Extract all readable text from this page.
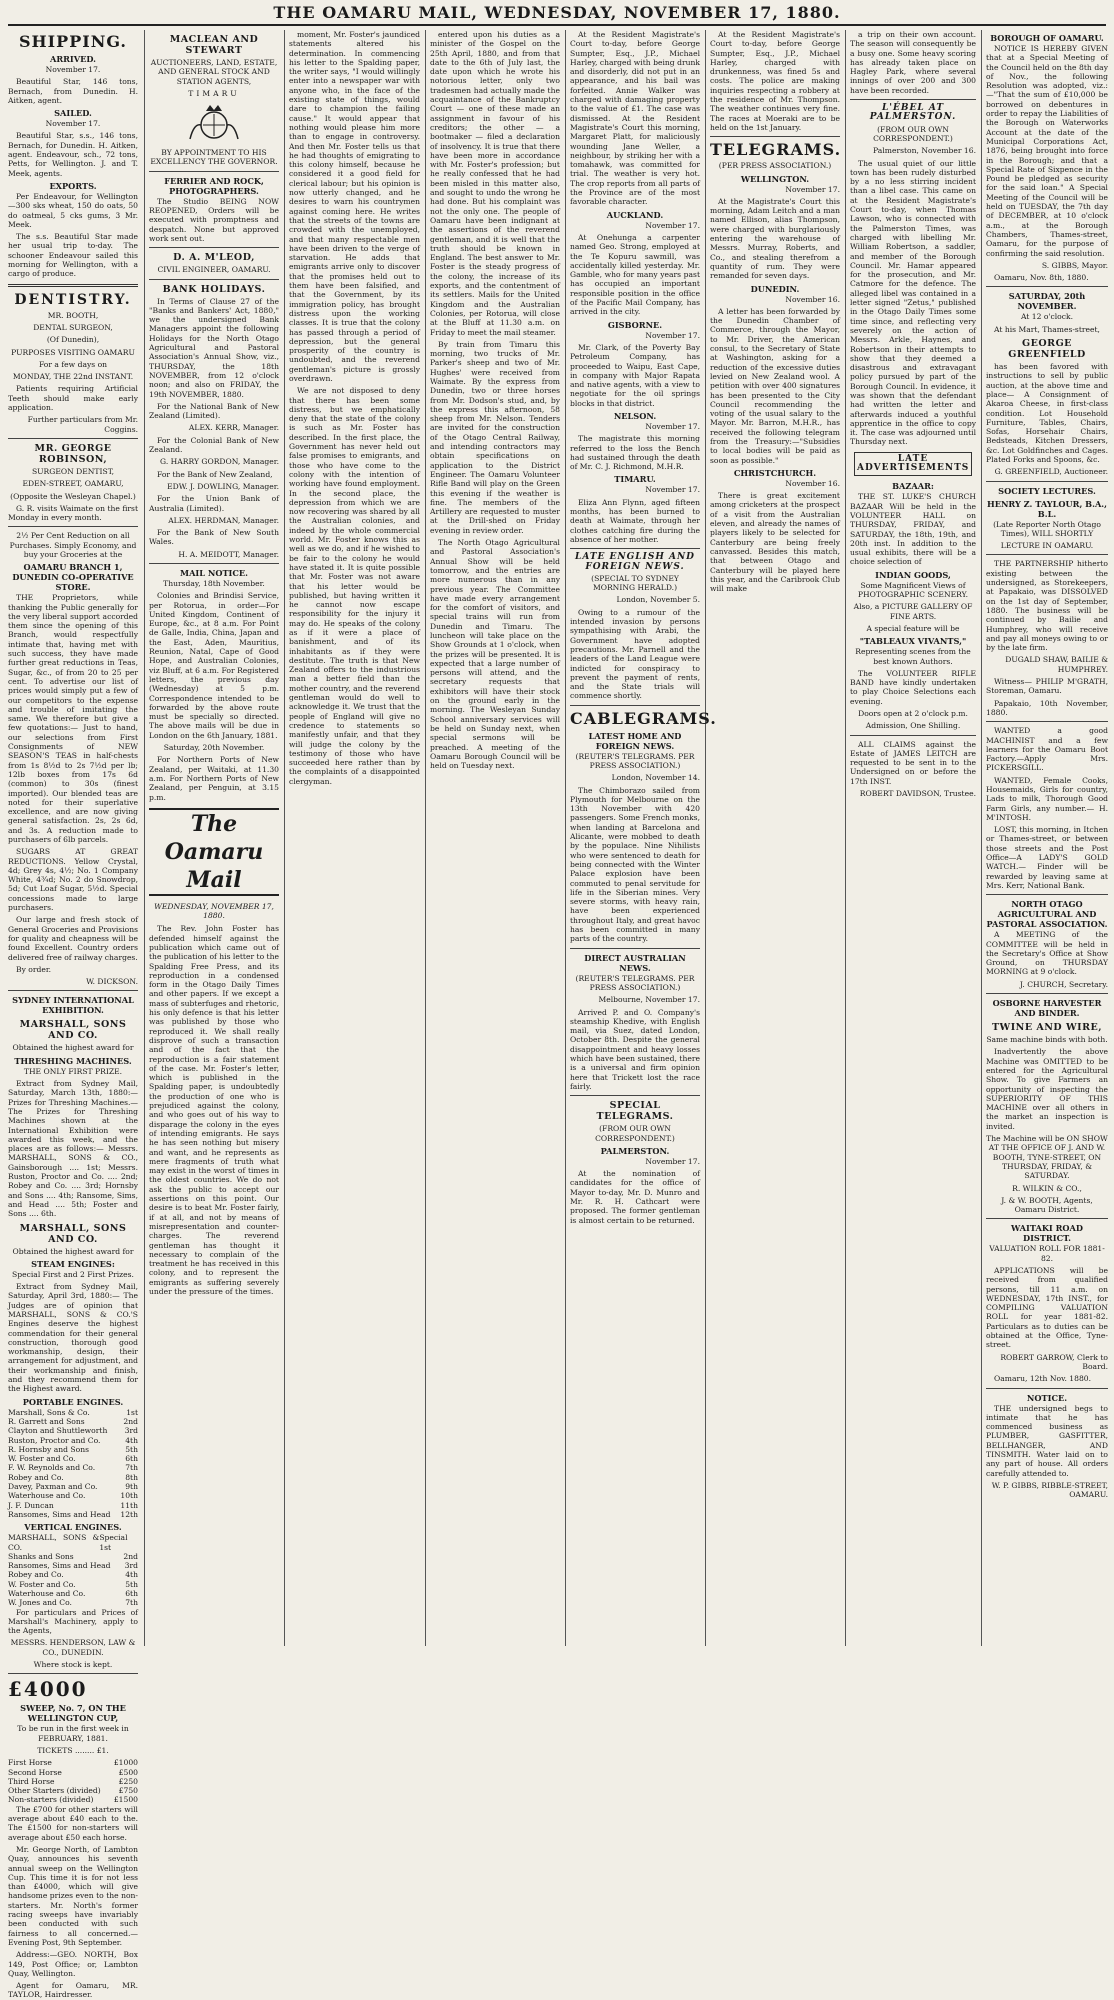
THE OAMARU MAIL, WEDNESDAY, NOVEMBER 17, 1880.
SHIPPING.
ARRIVED.

November 17.

Beautiful Star, 146 tons, Bernach, from Dunedin. H. Aitken, agent.

SAILED.

November 17.

Beautiful Star, s.s., 146 tons, Bernach, for Dunedin. H. Aitken, agent. Endeavour, sch., 72 tons, Petts, for Wellington. J. and T. Meek, agents.

EXPORTS.

Per Endeavour, for Wellington—300 sks wheat, 150 do oats, 50 do oatmeal, 5 cks gums, 3 Mr. Meek.

The s.s. Beautiful Star made her usual trip to-day. The schooner Endeavour sailed this morning for Wellington, with a cargo of produce.

DENTISTRY.

MR. BOOTH,

DENTAL SURGEON,

(Of Dunedin),

PURPOSES VISITING OAMARU

For a few days on

MONDAY, THE 22nd INSTANT.

Patients requiring Artificial Teeth should make early application.

Further particulars from Mr. Coggins.

MR. GEORGE ROBINSON,

SURGEON DENTIST,

EDEN-STREET, OAMARU,

(Opposite the Wesleyan Chapel.)

G. R. visits Waimate on the first Monday in every month.

2½ Per Cent Reduction on all Purchases. Simply Economy, and buy your Groceries at the

OAMARU BRANCH 1, DUNEDIN CO-OPERATIVE STORE.

THE Proprietors, while thanking the Public generally for the very liberal support accorded them since the opening of this Branch, would respectfully intimate that, having met with such success, they have made further great reductions in Teas, Sugar, &c., of from 20 to 25 per cent. To advertise our list of prices would simply put a few of our competitors to the expense and trouble of imitating the same. We therefore but give a few quotations:— Just to hand, our selections from First Consignments of NEW SEASON'S TEAS in half-chests from 1s 8½d to 2s 7½d per lb; 12lb boxes from 17s 6d (common) to 30s (finest imported). Our blended teas are noted for their superlative excellence, and are now giving general satisfaction. 2s, 2s 6d, and 3s. A reduction made to purchasers of 6lb parcels.

SUGARS AT GREAT REDUCTIONS. Yellow Crystal, 4d; Grey 4s, 4½; No. 1 Company White, 4¾d; No. 2 do Snowdrop, 5d; Cut Loaf Sugar, 5½d. Special concessions made to large purchasers.

Our large and fresh stock of General Groceries and Provisions for quality and cheapness will be found Excellent. Country orders delivered free of railway charges.

By order.

W. DICKSON.

SYDNEY INTERNATIONAL EXHIBITION.
MARSHALL, SONS AND CO.

Obtained the highest award for

THRESHING MACHINES.

THE ONLY FIRST PRIZE.

Extract from Sydney Mail, Saturday, March 13th, 1880:— Prizes for Threshing Machines.—The Prizes for Threshing Machines shown at the International Exhibition were awarded this week, and the places are as follows:— Messrs. MARSHALL, SONS & CO., Gainsborough .... 1st; Messrs. Ruston, Proctor and Co. .... 2nd; Robey and Co. .... 3rd; Hornsby and Sons .... 4th; Ransome, Sims, and Head .... 5th; Foster and Sons .... 6th.

MARSHALL, SONS AND CO.

Obtained the highest award for

STEAM ENGINES:

Special First and 2 First Prizes.

Extract from Sydney Mail, Saturday, April 3rd, 1880:— The Judges are of opinion that MARSHALL, SONS & CO.'S Engines deserve the highest commendation for their general construction, thorough good workmanship, design, their arrangement for adjustment, and their workmanship and finish, and they recommend them for the Highest award.

PORTABLE ENGINES.
Marshall, Sons & Co.	1st
R. Garrett and Sons	2nd
Clayton and Shuttleworth 3rd
Ruston, Proctor and Co.	4th
R. Hornsby and Sons	5th
W. Foster and Co.	6th
F. W. Reynolds and Co.	7th
Robey and Co.	8th
Davey, Paxman and Co.	9th
Waterhouse and Co.	10th
J. F. Duncan	11th
Ransomes, Sims and Head 12th
VERTICAL ENGINES.
MARSHALL, SONS & CO.
Special 1st
Shanks and Sons	2nd
Ransomes, Sims and Head 3rd
Robey and Co.	4th
W. Foster and Co.	5th
Waterhouse and Co.	6th
W. Jones and Co.	7th

For particulars and Prices of Marshall's Machinery, apply to the Agents,

MESSRS. HENDERSON, LAW & CO., DUNEDIN.

Where stock is kept.

£4000
SWEEP, No. 7, ON THE WELLINGTON CUP,

To be run in the first week in FEBRUARY, 1881.

TICKETS ........ £1.

First Horse	£1000
Second Horse	£500
Third Horse	£250
Other Starters (divided) £750
Non-starters (divided)	£1500

The £700 for other starters will average about £40 each to the. The £1500 for non-starters will average about £50 each horse.

Mr. George North, of Lambton Quay, announces his seventh annual sweep on the Wellington Cup. This time it is for not less than £4000, which will give handsome prizes even to the non-starters. Mr. North's former racing sweeps have invariably been conducted with such fairness to all concerned.—Evening Post, 9th September.

Address:—GEO. NORTH, Box 149, Post Office; or, Lambton Quay, Wellington.

Agent for Oamaru, MR. TAYLOR, Hairdresser.

MACLEAN AND STEWART

AUCTIONEERS, LAND, ESTATE, AND GENERAL STOCK AND STATION AGENTS,

TIMARU

BY APPOINTMENT TO HIS EXCELLENCY THE GOVERNOR.

FERRIER AND ROCK, PHOTOGRAPHERS.

The Studio BEING NOW REOPENED, Orders will be executed with promptness and despatch. None but approved work sent out.

D. A. M'LEOD,

CIVIL ENGINEER, OAMARU.

BANK HOLIDAYS.

In Terms of Clause 27 of the "Banks and Bankers' Act, 1880," we the undersigned Bank Managers appoint the following Holidays for the North Otago Agricultural and Pastoral Association's Annual Show, viz., THURSDAY, the 18th NOVEMBER, from 12 o'clock noon; and also on FRIDAY, the 19th NOVEMBER, 1880.

For the National Bank of New Zealand (Limited).

ALEX. KERR, Manager.

For the Colonial Bank of New Zealand.

G. HARRY GORDON, Manager.

For the Bank of New Zealand,

EDW. J. DOWLING, Manager.

For the Union Bank of Australia (Limited).

ALEX. HERDMAN, Manager.

For the Bank of New South Wales.

H. A. MEIDOTT, Manager.

MAIL NOTICE.

Thursday, 18th November.

Colonies and Brindisi Service, per Rotorua, in order—For United Kingdom, Continent of Europe, &c., at 8 a.m. For Point de Galle, India, China, Japan and the East, Aden, Mauritius, Reunion, Natal, Cape of Good Hope, and Australian Colonies, viz Bluff, at 6 a.m. For Registered letters, the previous day (Wednesday) at 5 p.m. Correspondence intended to be forwarded by the above route must be specially so directed. The above mails will be due in London on the 6th January, 1881.

Saturday, 20th November.

For Northern Ports of New Zealand, per Waitaki, at 11.30 a.m. For Northern Ports of New Zealand, per Penguin, at 3.15 p.m.

The Oamaru Mail
WEDNESDAY, NOVEMBER 17, 1880.

The Rev. John Foster has defended himself against the publication which came out of the publication of his letter to the Spalding Free Press, and its reproduction in a condensed form in the Otago Daily Times and other papers. If we except a mass of subterfuges and rhetoric, his only defence is that his letter was published by those who reproduced it. We shall really disprove of such a transaction and of the fact that the reproduction is a fair statement of the case. Mr. Foster's letter, which is published in the Spalding paper, is undoubtedly the production of one who is prejudiced against the colony, and who goes out of his way to disparage the colony in the eyes of intending emigrants. He says he has seen nothing but misery and want, and he represents as mere fragments of truth what may exist in the worst of times in the oldest countries. We do not ask the public to accept our assertions on this point. Our desire is to beat Mr. Foster fairly, if at all, and not by means of misrepresentation and counter-charges. The reverend gentleman has thought it necessary to complain of the treatment he has received in this colony, and to represent the emigrants as suffering severely under the pressure of the times.

moment, Mr. Foster's jaundiced statements altered his determination. In commencing his letter to the Spalding paper, the writer says, "I would willingly enter into a newspaper war with anyone who, in the face of the existing state of things, would dare to champion the failing cause." It would appear that nothing would please him more than to engage in controversy. And then Mr. Foster tells us that he had thoughts of emigrating to this colony himself, because he considered it a good field for clerical labour; but his opinion is now utterly changed, and he desires to warn his countrymen against coming here. He writes that the streets of the towns are crowded with the unemployed, and that many respectable men have been driven to the verge of starvation. He adds that emigrants arrive only to discover that the promises held out to them have been falsified, and that the Government, by its immigration policy, has brought distress upon the working classes. It is true that the colony has passed through a period of depression, but the general prosperity of the country is undoubted, and the reverend gentleman's picture is grossly overdrawn.

We are not disposed to deny that there has been some distress, but we emphatically deny that the state of the colony is such as Mr. Foster has described. In the first place, the Government has never held out false promises to emigrants, and those who have come to the colony with the intention of working have found employment. In the second place, the depression from which we are now recovering was shared by all the Australian colonies, and indeed by the whole commercial world. Mr. Foster knows this as well as we do, and if he wished to be fair to the colony he would have stated it. It is quite possible that Mr. Foster was not aware that his letter would be published, but having written it he cannot now escape responsibility for the injury it may do. He speaks of the colony as if it were a place of banishment, and of its inhabitants as if they were destitute. The truth is that New Zealand offers to the industrious man a better field than the mother country, and the reverend gentleman would do well to acknowledge it. We trust that the people of England will give no credence to statements so manifestly unfair, and that they will judge the colony by the testimony of those who have succeeded here rather than by the complaints of a disappointed clergyman.

entered upon his duties as a minister of the Gospel on the 25th April, 1880, and from that date to the 6th of July last, the date upon which he wrote his notorious letter, only two tradesmen had actually made the acquaintance of the Bankruptcy Court — one of these made an assignment in favour of his creditors; the other — a bootmaker — filed a declaration of insolvency. It is true that there have been more in accordance with Mr. Foster's profession; but he really confessed that he had been misled in this matter also, and sought to undo the wrong he had done. But his complaint was not the only one. The people of Oamaru have been indignant at the assertions of the reverend gentleman, and it is well that the truth should be known in England. The best answer to Mr. Foster is the steady progress of the colony, the increase of its exports, and the contentment of its settlers. Mails for the United Kingdom and the Australian Colonies, per Rotorua, will close at the Bluff at 11.30 a.m. on Friday to meet the mail steamer.

By train from Timaru this morning, two trucks of Mr. Parker's sheep and two of Mr. Hughes' were received from Waimate. By the express from Dunedin, two or three horses from Mr. Dodson's stud, and, by the express this afternoon, 58 sheep from Mr. Nelson. Tenders are invited for the construction of the Otago Central Railway, and intending contractors may obtain specifications on application to the District Engineer. The Oamaru Volunteer Rifle Band will play on the Green this evening if the weather is fine. The members of the Artillery are requested to muster at the Drill-shed on Friday evening in review order.

The North Otago Agricultural and Pastoral Association's Annual Show will be held tomorrow, and the entries are more numerous than in any previous year. The Committee have made every arrangement for the comfort of visitors, and special trains will run from Dunedin and Timaru. The luncheon will take place on the Show Grounds at 1 o'clock, when the prizes will be presented. It is expected that a large number of persons will attend, and the secretary requests that exhibitors will have their stock on the ground early in the morning. The Wesleyan Sunday School anniversary services will be held on Sunday next, when special sermons will be preached. A meeting of the Oamaru Borough Council will be held on Tuesday next.

At the Resident Magistrate's Court to-day, before George Sumpter, Esq., J.P., Michael Harley, charged with being drunk and disorderly, did not put in an appearance, and his bail was forfeited. Annie Walker was charged with damaging property to the value of £1. The case was dismissed. At the Resident Magistrate's Court this morning, Margaret Platt, for maliciously wounding Jane Weller, a neighbour, by striking her with a tomahawk, was committed for trial. The weather is very hot. The crop reports from all parts of the Province are of the most favorable character.

AUCKLAND.

November 17.

At Onehunga a carpenter named Geo. Strong, employed at the Te Kopuru sawmill, was accidentally killed yesterday. Mr. Gamble, who for many years past has occupied an important responsible position in the office of the Pacific Mail Company, has arrived in the city.

GISBORNE.

November 17.

Mr. Clark, of the Poverty Bay Petroleum Company, has proceeded to Waipu, East Cape, in company with Major Rapata and native agents, with a view to negotiate for the oil springs blocks in that district.

NELSON.

November 17.

The magistrate this morning referred to the loss the Bench had sustained through the death of Mr. C. J. Richmond, M.H.R.

TIMARU.

November 17.

Eliza Ann Flynn, aged fifteen months, has been burned to death at Waimate, through her clothes catching fire during the absence of her mother.

LATE ENGLISH AND FOREIGN NEWS.

(SPECIAL TO SYDNEY MORNING HERALD.)

London, November 5.

Owing to a rumour of the intended invasion by persons sympathising with Arabi, the Government have adopted precautions. Mr. Parnell and the leaders of the Land League were indicted for conspiracy to prevent the payment of rents, and the State trials will commence shortly.

CABLEGRAMS.
LATEST HOME AND FOREIGN NEWS.

(REUTER'S TELEGRAMS. PER PRESS ASSOCIATION.)

London, November 14.

The Chimborazo sailed from Plymouth for Melbourne on the 13th November with 420 passengers. Some French monks, when landing at Barcelona and Alicante, were mobbed to death by the populace. Nine Nihilists who were sentenced to death for being connected with the Winter Palace explosion have been commuted to penal servitude for life in the Siberian mines. Very severe storms, with heavy rain, have been experienced throughout Italy, and great havoc has been committed in many parts of the country.

DIRECT AUSTRALIAN NEWS.

(REUTER'S TELEGRAMS. PER PRESS ASSOCIATION.)

Melbourne, November 17.

Arrived P. and O. Company's steamship Khedive, with English mail, via Suez, dated London, October 8th. Despite the general disappointment and heavy losses which have been sustained, there is a universal and firm opinion here that Trickett lost the race fairly.

SPECIAL TELEGRAMS.

(FROM OUR OWN CORRESPONDENT.)

PALMERSTON.

November 17.

At the nomination of candidates for the office of Mayor to-day, Mr. D. Munro and Mr. R. H. Cathcart were proposed. The former gentleman is almost certain to be returned.

At the Resident Magistrate's Court to-day, before George Sumpter, Esq., J.P., Michael Harley, charged with drunkenness, was fined 5s and costs. The police are making inquiries respecting a robbery at the residence of Mr. Thompson. The weather continues very fine. The races at Moeraki are to be held on the 1st January.

TELEGRAMS.

(PER PRESS ASSOCIATION.)

WELLINGTON.

November 17.

At the Magistrate's Court this morning, Adam Leitch and a man named Ellison, alias Thompson, were charged with burglariously entering the warehouse of Messrs. Murray, Roberts, and Co., and stealing therefrom a quantity of rum. They were remanded for seven days.

DUNEDIN.

November 16.

A letter has been forwarded by the Dunedin Chamber of Commerce, through the Mayor, to Mr. Driver, the American consul, to the Secretary of State at Washington, asking for a reduction of the excessive duties levied on New Zealand wool. A petition with over 400 signatures has been presented to the City Council recommending the voting of the usual salary to the Mayor. Mr. Barron, M.H.R., has received the following telegram from the Treasury:—"Subsidies to local bodies will be paid as soon as possible."

CHRISTCHURCH.

November 16.

There is great excitement among cricketers at the prospect of a visit from the Australian eleven, and already the names of players likely to be selected for Canterbury are being freely canvassed. Besides this match, that between Otago and Canterbury will be played here this year, and the Caribrook Club will make

a trip on their own account. The season will consequently be a busy one. Some heavy scoring has already taken place on Hagley Park, where several innings of over 200 and 300 have been recorded.

L'ÉBEL AT PALMERSTON.

(FROM OUR OWN CORRESPONDENT.)

Palmerston, November 16.

The usual quiet of our little town has been rudely disturbed by a no less stirring incident than a libel case. This came on at the Resident Magistrate's Court to-day, when Thomas Lawson, who is connected with the Palmerston Times, was charged with libelling Mr. William Robertson, a saddler, and member of the Borough Council. Mr. Hamar appeared for the prosecution, and Mr. Catmore for the defence. The alleged libel was contained in a letter signed "Zetus," published in the Otago Daily Times some time since, and reflecting very severely on the action of Messrs. Arkle, Haynes, and Robertson in their attempts to show that they deemed a disastrous and extravagant policy pursued by part of the Borough Council. In evidence, it was shown that the defendant had written the letter and afterwards induced a youthful apprentice in the office to copy it. The case was adjourned until Thursday next.

LATE ADVERTISEMENTS
BAZAAR:

THE ST. LUKE'S CHURCH BAZAAR Will be held in the VOLUNTEER HALL on THURSDAY, FRIDAY, and SATURDAY, the 18th, 19th, and 20th inst. In addition to the usual exhibits, there will be a choice selection of

INDIAN GOODS,

Some Magnificent Views of PHOTOGRAPHIC SCENERY.

Also, a PICTURE GALLERY OF FINE ARTS.

A special feature will be

"TABLEAUX VIVANTS,"

Representing scenes from the best known Authors.

The VOLUNTEER RIFLE BAND have kindly undertaken to play Choice Selections each evening.

Doors open at 2 o'clock p.m.

Admission, One Shilling.

ALL CLAIMS against the Estate of JAMES LEITCH are requested to be sent in to the Undersigned on or before the 17th INST.

ROBERT DAVIDSON, Trustee.

BOROUGH OF OAMARU.

NOTICE IS HEREBY GIVEN that at a Special Meeting of the Council held on the 8th day of Nov., the following Resolution was adopted, viz.:—"That the sum of £10,000 be borrowed on debentures in order to repay the Liabilities of the Borough on Waterworks Account at the date of the Municipal Corporations Act, 1876, being brought into force in the Borough; and that a Special Rate of Sixpence in the Pound be pledged as security for the said loan." A Special Meeting of the Council will be held on TUESDAY, the 7th day of DECEMBER, at 10 o'clock a.m., at the Borough Chambers, Thames-street, Oamaru, for the purpose of confirming the said resolution.

S. GIBBS, Mayor.

Oamaru, Nov. 8th, 1880.

SATURDAY, 20th NOVEMBER.

At 12 o'clock.

At his Mart, Thames-street,

GEORGE GREENFIELD

has been favored with instructions to sell by public auction, at the above time and place— A Consignment of Akaroa Cheese, in first-class condition. Lot Household Furniture, Tables, Chairs, Sofas, Horsehair Chairs, Bedsteads, Kitchen Dressers, &c. Lot Goldfinches and Cages. Plated Forks and Spoons, &c.

G. GREENFIELD, Auctioneer.

SOCIETY LECTURES.
HENRY Z. TAYLOUR, B.A., B.L.

(Late Reporter North Otago Times), WILL SHORTLY

LECTURE IN OAMARU.

THE PARTNERSHIP hitherto existing between the undersigned, as Storekeepers, at Papakaio, was DISSOLVED on the 1st day of September, 1880. The business will be continued by Bailie and Humphrey, who will receive and pay all moneys owing to or by the late firm.

DUGALD SHAW, BAILIE & HUMPHREY.

Witness— PHILIP M'GRATH, Storeman, Oamaru.

Papakaio, 10th November, 1880.

WANTED a good MACHINIST and a few learners for the Oamaru Boot Factory.—Apply Mrs. PICKERSGILL.

WANTED, Female Cooks, Housemaids, Girls for country, Lads to milk, Thorough Good Farm Girls, any number.— H. M'INTOSH.

LOST, this morning, in Itchen or Thames-street, or between those streets and the Post Office—A LADY'S GOLD WATCH.— Finder will be rewarded by leaving same at Mrs. Kerr, National Bank.

NORTH OTAGO AGRICULTURAL AND PASTORAL ASSOCIATION.

A MEETING of the COMMITTEE will be held in the Secretary's Office at Show Ground, on THURSDAY MORNING at 9 o'clock.

J. CHURCH, Secretary.

OSBORNE HARVESTER AND BINDER.
TWINE AND WIRE,

Same machine binds with both.

Inadvertently the above Machine was OMITTED to be entered for the Agricultural Show. To give Farmers an opportunity of inspecting the SUPERIORITY OF THIS MACHINE over all others in the market an inspection is invited.

The Machine will be ON SHOW AT THE OFFICE OF J. AND W. BOOTH, TYNE-STREET, ON THURSDAY, FRIDAY, & SATURDAY.

R. WILKIN & CO.,

J. & W. BOOTH, Agents, Oamaru District.

WAITAKI ROAD DISTRICT.

VALUATION ROLL FOR 1881-82.

APPLICATIONS will be received from qualified persons, till 11 a.m. on WEDNESDAY, 17th INST., for COMPILING VALUATION ROLL for year 1881-82. Particulars as to duties can be obtained at the Office, Tyne-street.

ROBERT GARROW, Clerk to Board.

Oamaru, 12th Nov. 1880.

NOTICE.

THE undersigned begs to intimate that he has commenced business as PLUMBER, GASFITTER, BELLHANGER, AND TINSMITH. Water laid on to any part of house. All orders carefully attended to.

W. P. GIBBS, RIBBLE-STREET, OAMARU.
